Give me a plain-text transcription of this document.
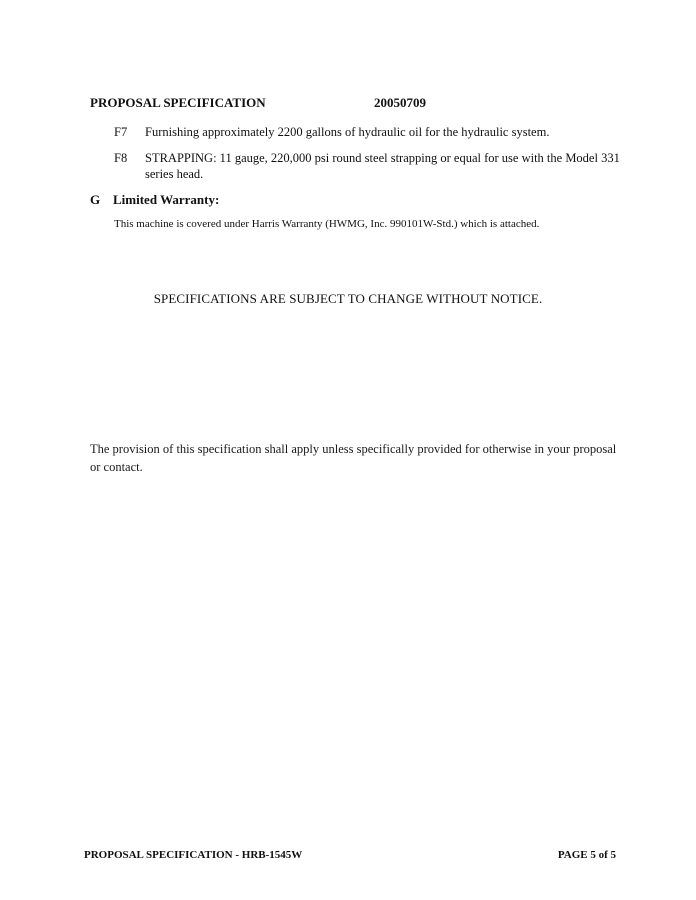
PROPOSAL SPECIFICATION	20050709
F7 Furnishing approximately 2200 gallons of hydraulic oil for the hydraulic system.
F8 STRAPPING: 11 gauge, 220,000 psi round steel strapping or equal for use with the Model 331 series head.
G Limited Warranty:
This machine is covered under Harris Warranty (HWMG, Inc. 990101W-Std.) which is attached.
SPECIFICATIONS ARE SUBJECT TO CHANGE WITHOUT NOTICE.
The provision of this specification shall apply unless specifically provided for otherwise in your proposal or contact.
PROPOSAL SPECIFICATION - HRB-1545W	PAGE 5 of 5
